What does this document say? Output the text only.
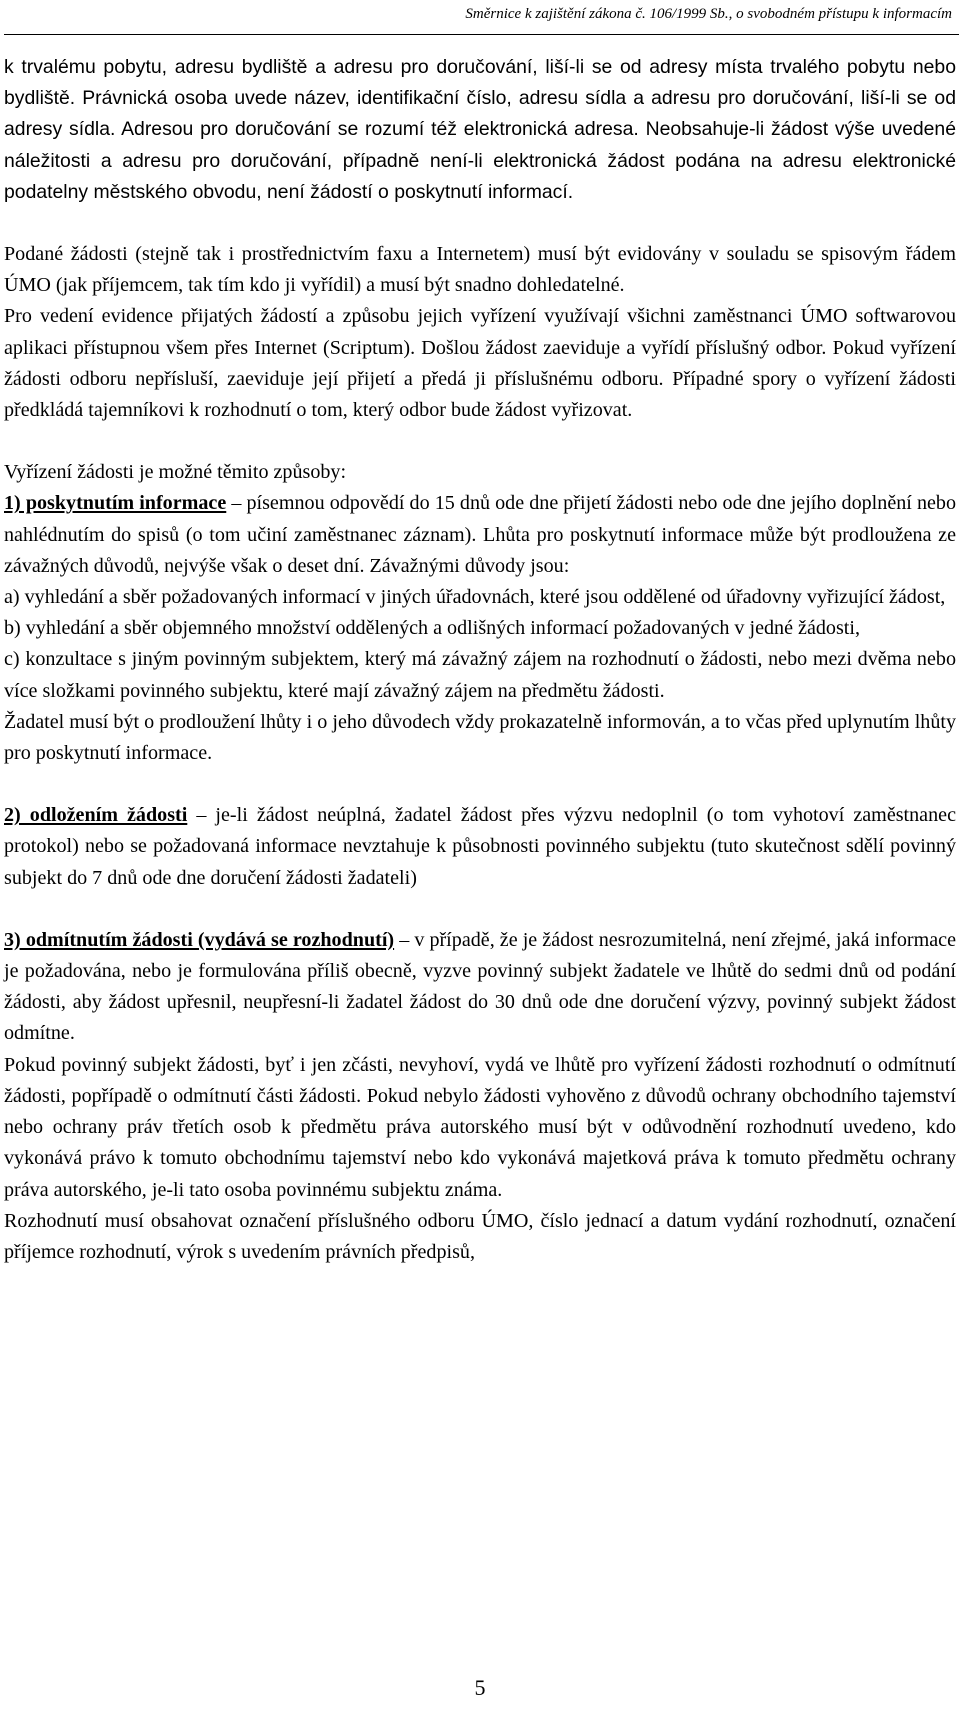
Směrnice k zajištění zákona č. 106/1999 Sb., o svobodném přístupu k informacím

k trvalému pobytu, adresu bydliště a adresu pro doručování, liší-li se od adresy místa trvalého pobytu nebo bydliště. Právnická osoba uvede název, identifikační číslo, adresu sídla a adresu pro doručování, liší-li se od adresy sídla. Adresou pro doručování se rozumí též elektronická adresa. Neobsahuje-li žádost výše uvedené náležitosti a adresu pro doručování, případně není-li elektronická žádost podána na adresu elektronické podatelny městského obvodu, není žádostí o poskytnutí informací.

Podané žádosti (stejně tak i prostřednictvím faxu a Internetem) musí být evidovány v souladu se spisovým řádem ÚMO (jak příjemcem, tak tím kdo ji vyřídil) a musí být snadno dohledatelné.

Pro vedení evidence přijatých žádostí a způsobu jejich vyřízení využívají všichni zaměstnanci ÚMO softwarovou aplikaci přístupnou všem přes Internet (Scriptum). Došlou žádost zaeviduje a vyřídí příslušný odbor. Pokud vyřízení žádosti odboru nepřísluší, zaeviduje její přijetí a předá ji příslušnému odboru. Případné spory o vyřízení žádosti předkládá tajemníkovi k rozhodnutí o tom, který odbor bude žádost vyřizovat.

Vyřízení žádosti je možné těmito způsoby:

1) poskytnutím informace – písemnou odpovědí do 15 dnů ode dne přijetí žádosti nebo ode dne jejího doplnění nebo nahlédnutím do spisů (o tom učiní zaměstnanec záznam). Lhůta pro poskytnutí informace může být prodloužena ze závažných důvodů, nejvýše však o deset dní. Závažnými důvody jsou:

a) vyhledání a sběr požadovaných informací v jiných úřadovnách, které jsou oddělené od úřadovny vyřizující žádost,

b) vyhledání a sběr objemného množství oddělených a odlišných informací požadovaných v jedné žádosti,

c) konzultace s jiným povinným subjektem, který má závažný zájem na rozhodnutí o žádosti, nebo mezi dvěma nebo více složkami povinného subjektu, které mají závažný zájem na předmětu žádosti.

Žadatel musí být o prodloužení lhůty i o jeho důvodech vždy prokazatelně informován, a to včas před uplynutím lhůty pro poskytnutí informace.

2) odložením žádosti – je-li žádost neúplná, žadatel žádost přes výzvu nedoplnil (o tom vyhotoví zaměstnanec protokol) nebo se požadovaná informace nevztahuje k působnosti povinného subjektu (tuto skutečnost sdělí povinný subjekt do 7 dnů ode dne doručení žádosti žadateli)

3) odmítnutím žádosti (vydává se rozhodnutí) – v případě, že je žádost nesrozumitelná, není zřejmé, jaká informace je požadována, nebo je formulována příliš obecně, vyzve povinný subjekt žadatele ve lhůtě do sedmi dnů od podání žádosti, aby žádost upřesnil, neupřesní-li žadatel žádost do 30 dnů ode dne doručení výzvy, povinný subjekt žádost odmítne.

Pokud povinný subjekt žádosti, byť i jen zčásti, nevyhoví, vydá ve lhůtě pro vyřízení žádosti rozhodnutí o odmítnutí žádosti, popřípadě o odmítnutí části žádosti. Pokud nebylo žádosti vyhověno z důvodů ochrany obchodního tajemství nebo ochrany práv třetích osob k předmětu práva autorského musí být v odůvodnění rozhodnutí uvedeno, kdo vykonává právo k tomuto obchodnímu tajemství nebo kdo vykonává majetková práva k tomuto předmětu ochrany práva autorského, je-li tato osoba povinnému subjektu známa.

Rozhodnutí musí obsahovat označení příslušného odboru ÚMO, číslo jednací a datum vydání rozhodnutí, označení příjemce rozhodnutí, výrok s uvedením právních předpisů,

5
